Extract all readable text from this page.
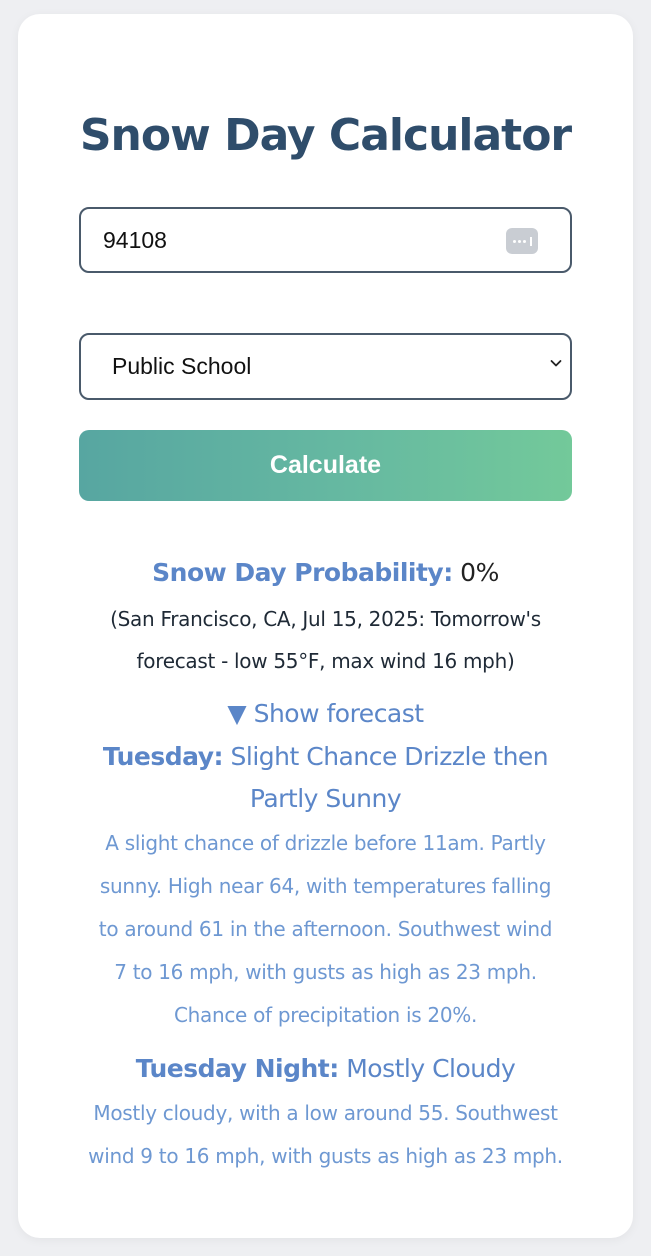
Snow Day Calculator
94108
Public School
Calculate

Snow Day Probability: 0%

(San Francisco, CA, Jul 15, 2025: Tomorrow's
forecast - low 55°F, max wind 16 mph)
▼ Show forecast
Tuesday: Slight Chance Drizzle then
Partly Sunny
A slight chance of drizzle before 11am. Partly
sunny. High near 64, with temperatures falling
to around 61 in the afternoon. Southwest wind
7 to 16 mph, with gusts as high as 23 mph.
Chance of precipitation is 20%.
Tuesday Night: Mostly Cloudy
Mostly cloudy, with a low around 55. Southwest
wind 9 to 16 mph, with gusts as high as 23 mph.
